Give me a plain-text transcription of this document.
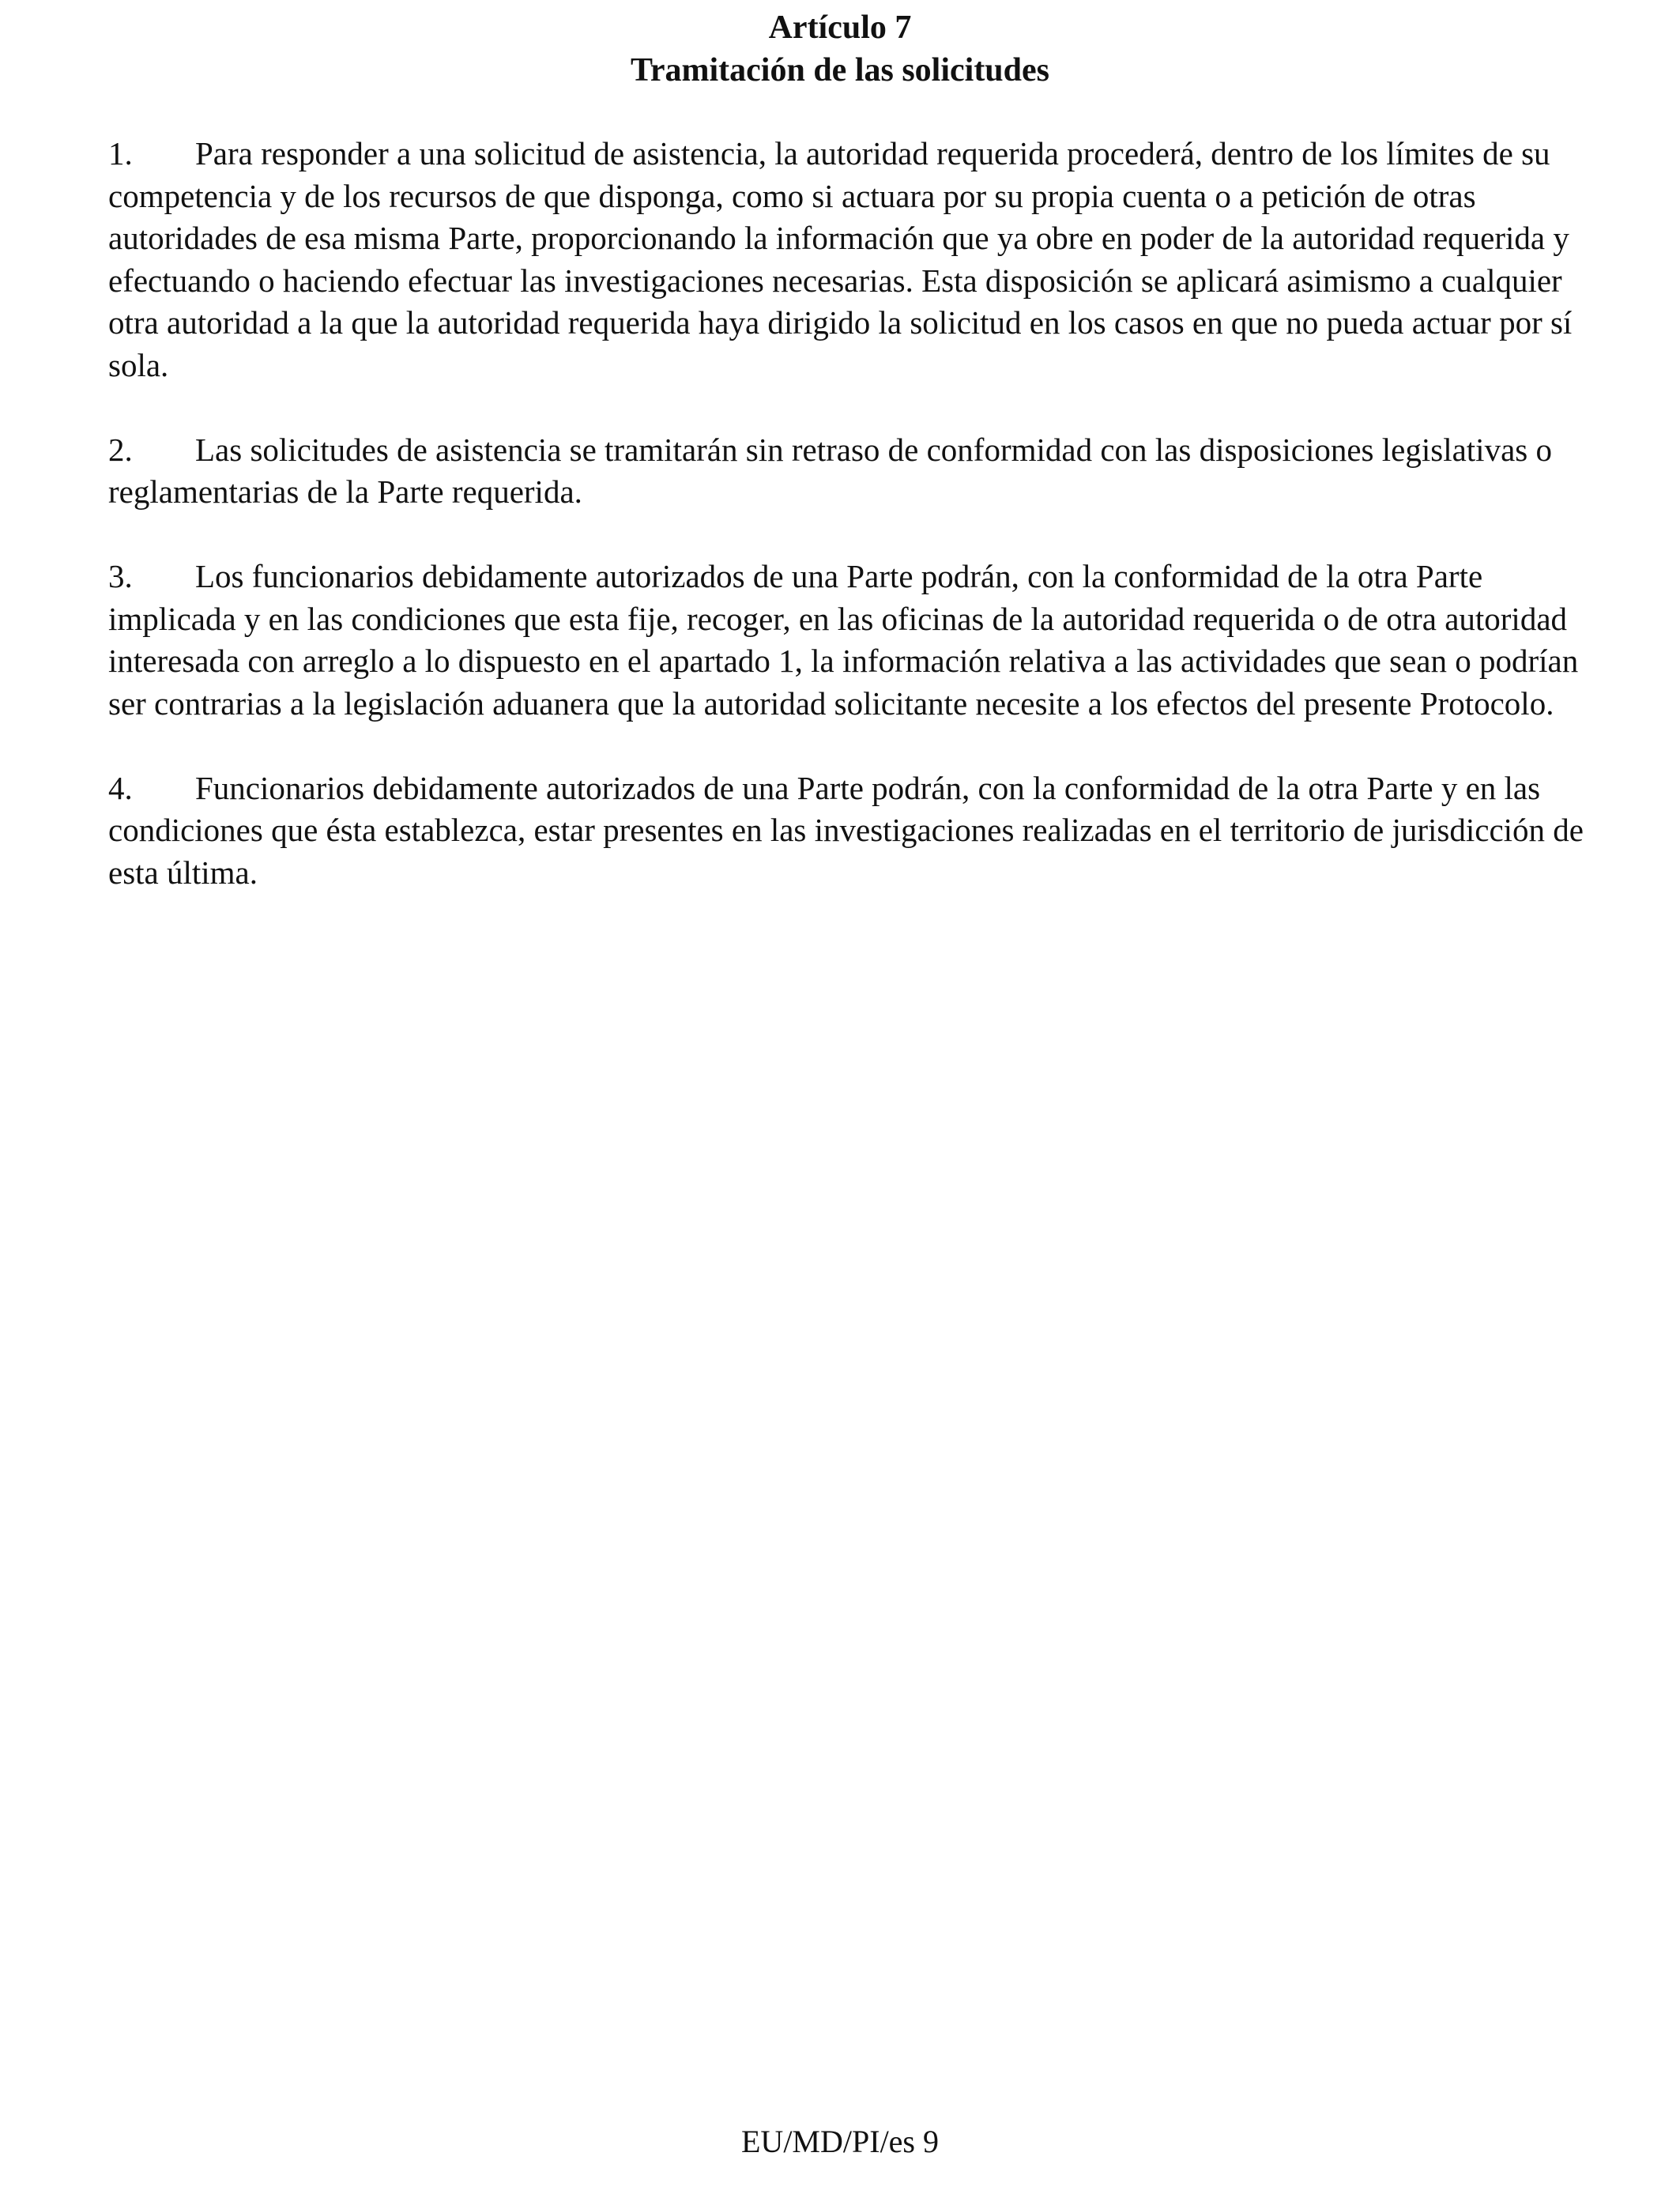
Artículo 7
Tramitación de las solicitudes

1. Para responder a una solicitud de asistencia, la autoridad requerida procederá, dentro de los límites de su competencia y de los recursos de que disponga, como si actuara por su propia cuenta o a petición de otras autoridades de esa misma Parte, proporcionando la información que ya obre en poder de la autoridad requerida y efectuando o haciendo efectuar las investigaciones necesarias. Esta disposición se aplicará asimismo a cualquier otra autoridad a la que la autoridad requerida haya dirigido la solicitud en los casos en que no pueda actuar por sí sola.

2. Las solicitudes de asistencia se tramitarán sin retraso de conformidad con las disposiciones legislativas o reglamentarias de la Parte requerida.

3. Los funcionarios debidamente autorizados de una Parte podrán, con la conformidad de la otra Parte implicada y en las condiciones que esta fije, recoger, en las oficinas de la autoridad requerida o de otra autoridad interesada con arreglo a lo dispuesto en el apartado 1, la información relativa a las actividades que sean o podrían ser contrarias a la legislación aduanera que la autoridad solicitante necesite a los efectos del presente Protocolo.

4. Funcionarios debidamente autorizados de una Parte podrán, con la conformidad de la otra Parte y en las condiciones que ésta establezca, estar presentes en las investigaciones realizadas en el territorio de jurisdicción de esta última.

EU/MD/PI/es 9
